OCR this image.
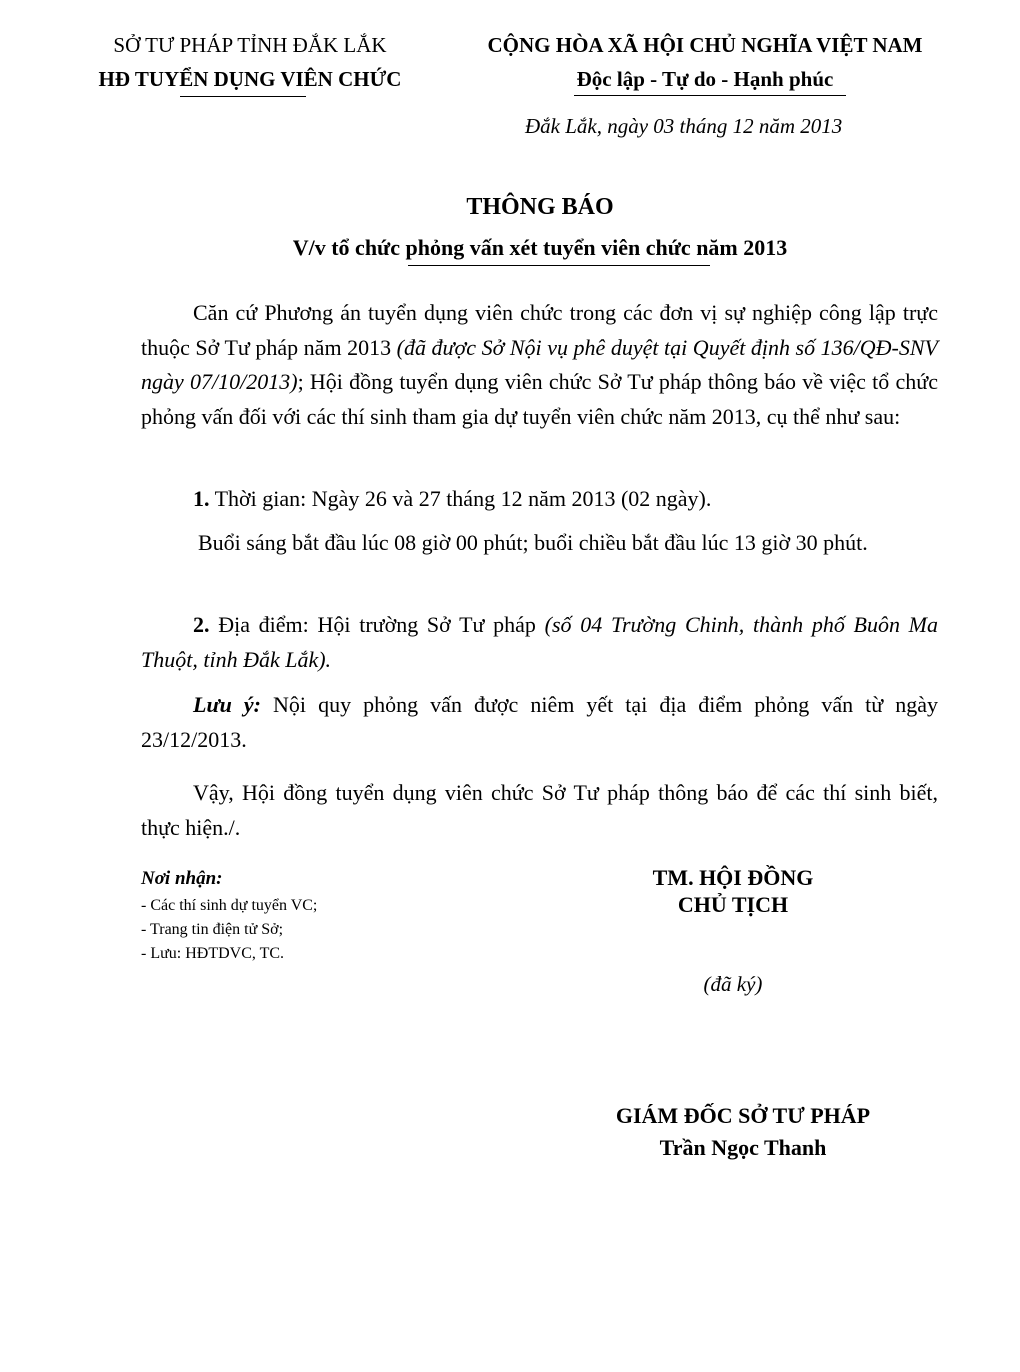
SỞ TƯ PHÁP TỈNH ĐẮK LẮK
HĐ TUYỂN DỤNG VIÊN CHỨC
CỘNG HÒA XÃ HỘI CHỦ NGHĨA VIỆT NAM
Độc lập - Tự do - Hạnh phúc
Đắk Lắk, ngày 03 tháng 12 năm 2013
THÔNG BÁO
V/v tổ chức phỏng vấn xét tuyển viên chức năm 2013
Căn cứ Phương án tuyển dụng viên chức trong các đơn vị sự nghiệp công lập trực thuộc Sở Tư pháp năm 2013 (đã được Sở Nội vụ phê duyệt tại Quyết định số 136/QĐ-SNV ngày 07/10/2013); Hội đồng tuyển dụng viên chức Sở Tư pháp thông báo về việc tổ chức phỏng vấn đối với các thí sinh tham gia dự tuyển viên chức năm 2013, cụ thể như sau:
1. Thời gian: Ngày 26 và 27 tháng 12 năm 2013 (02 ngày).
Buổi sáng bắt đầu lúc 08 giờ 00 phút; buổi chiều bắt đầu lúc 13 giờ 30 phút.
2. Địa điểm: Hội trường Sở Tư pháp (số 04 Trường Chinh, thành phố Buôn Ma Thuột, tỉnh Đắk Lắk).
Lưu ý: Nội quy phỏng vấn được niêm yết tại địa điểm phỏng vấn từ ngày 23/12/2013.
Vậy, Hội đồng tuyển dụng viên chức Sở Tư pháp thông báo để các thí sinh biết, thực hiện./.
Nơi nhận:
- Các thí sinh dự tuyển VC;
- Trang tin điện tử Sở;
- Lưu: HĐTDVC, TC.
TM. HỘI ĐỒNG
CHỦ TỊCH
(đã ký)
GIÁM ĐỐC SỞ TƯ PHÁP
Trần Ngọc Thanh
